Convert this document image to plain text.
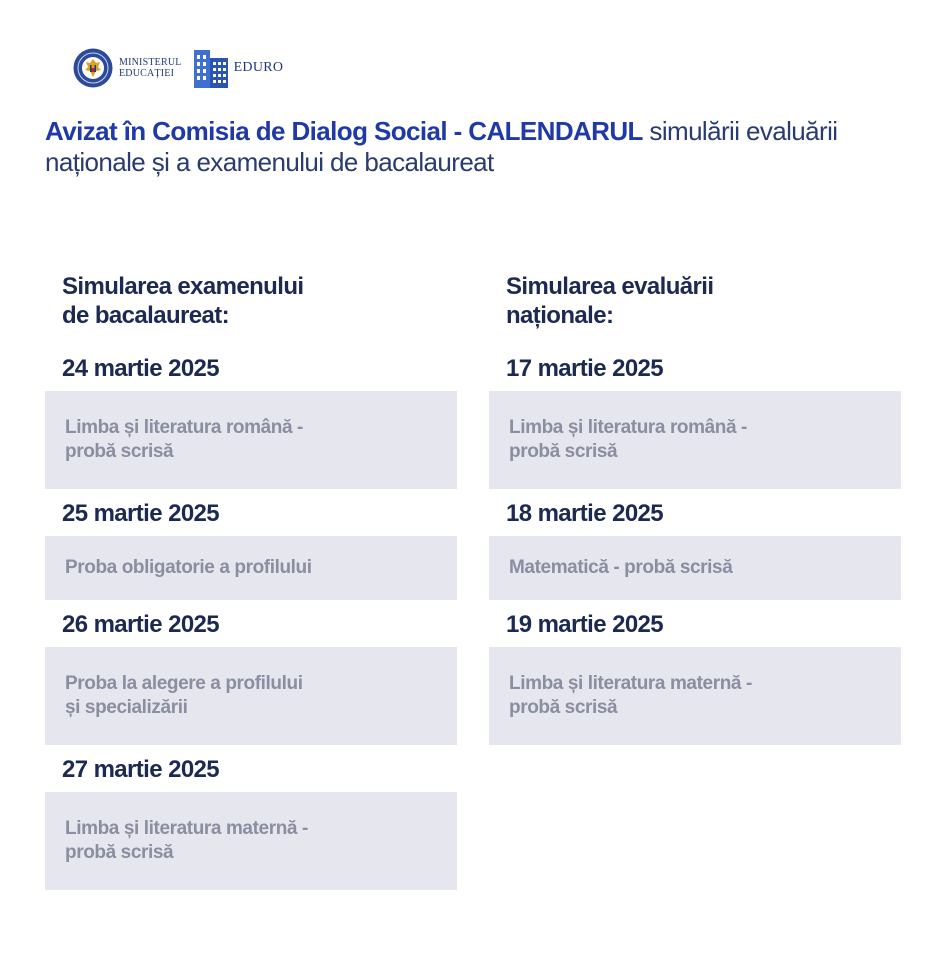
MINISTERUL
EDUCAȚIEI	EDURO
Avizat în Comisia de Dialog Social - CALENDARUL simulării evaluării naționale și a examenului de bacalaureat
Simularea examenului
de bacalaureat:
24 martie 2025
Limba și literatura română -
probă scrisă
25 martie 2025
Proba obligatorie a profilului
26 martie 2025
Proba la alegere a profilului
și specializării
27 martie 2025
Limba și literatura maternă -
probă scrisă
Simularea evaluării
naționale:
17 martie 2025
Limba și literatura română -
probă scrisă
18 martie 2025
Matematică - probă scrisă
19 martie 2025
Limba și literatura maternă -
probă scrisă
